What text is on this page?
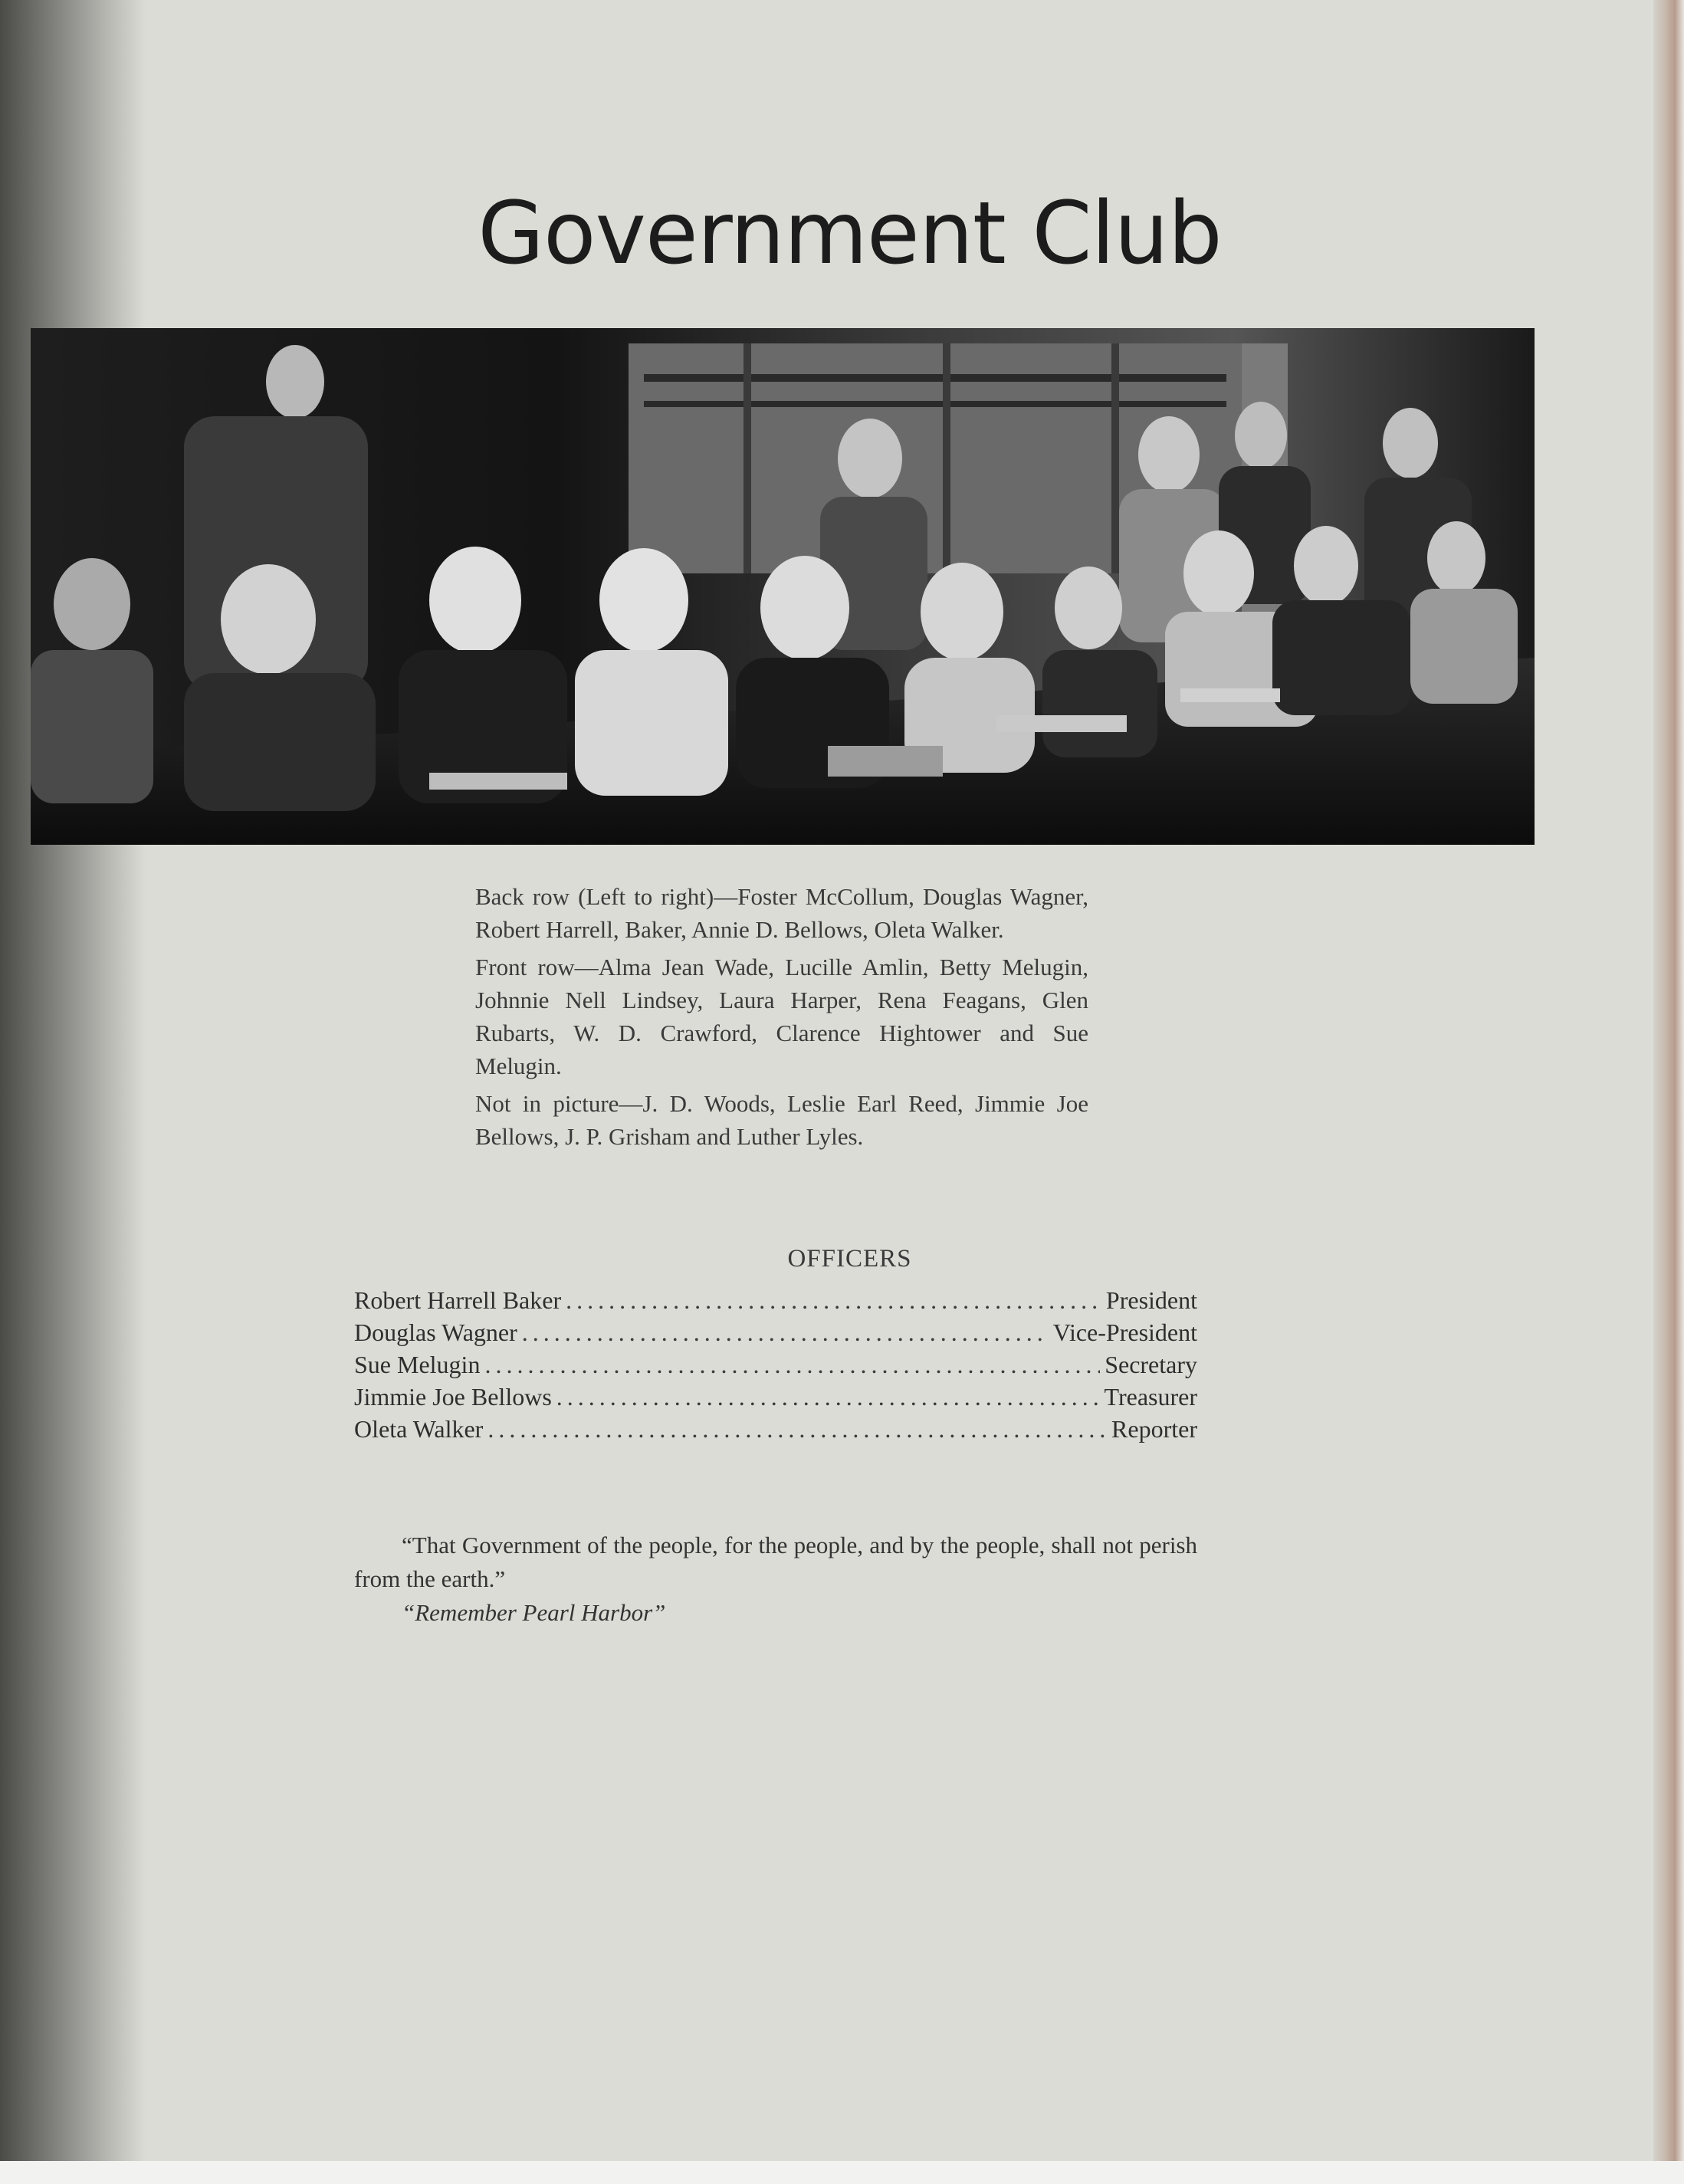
Government Club

Back row (Left to right)—Foster McCollum, Douglas Wagner, Robert Harrell, Baker, Annie D. Bellows, Oleta Walker.

Front row—Alma Jean Wade, Lucille Amlin, Betty Melugin, Johnnie Nell Lindsey, Laura Harper, Rena Feagans, Glen Rubarts, W. D. Crawford, Clarence Hightower and Sue Melugin.

Not in picture—J. D. Woods, Leslie Earl Reed, Jimmie Joe Bellows, J. P. Grisham and Luther Lyles.

OFFICERS
Robert Harrell Baker .....	President
Douglas Wagner .....	Vice-President
Sue Melugin .....	Secretary
Jimmie Joe Bellows .....	Treasurer
Oleta Walker .....	Reporter

“That Government of the people, for the people, and by the people, shall not perish from the earth.”

“Remember Pearl Harbor”
